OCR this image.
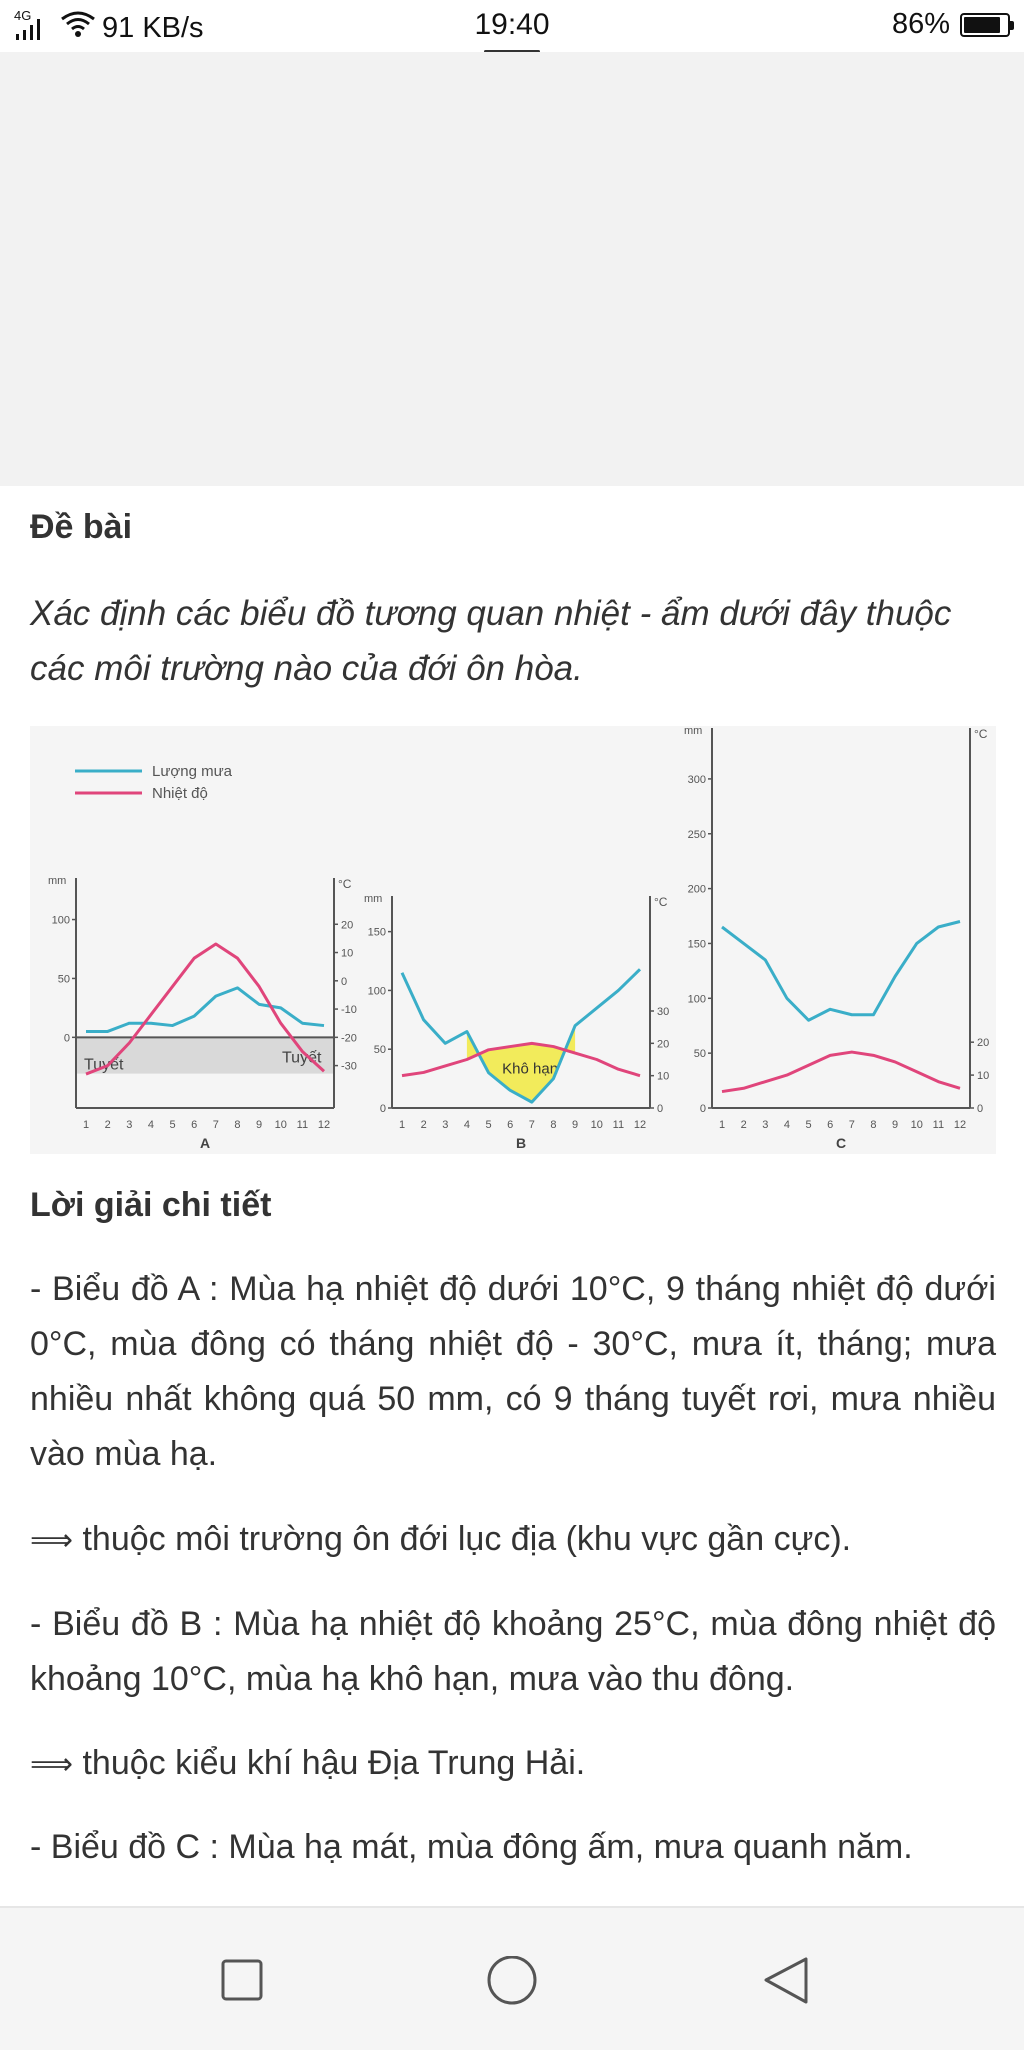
4G 91 KB/s	19:40	86%
Đề bài

Xác định các biểu đồ tương quan nhiệt - ẩm dưới đây thuộc các môi trường nào của đới ôn hòa.

Lượng mưa
Nhiệt độ
Tuyết	Tuyết
mm	°C
0
50
100	20
10
0
-10
-20
-30
1 2 3 4 5 6 7 8 9 10 11 12
A
Khô hạn
mm	°C
0
50
100
150
30
20
10
0
1 2 3 4 5 6 7 8 9 10 11 12
B
mm	°C
0
50
100
150
200
250
300
20
10
0
1 2 3 4 5 6 7 8 9 10 11 12
C
Lời giải chi tiết

- Biểu đồ A : Mùa hạ nhiệt độ dưới 10°C, 9 tháng nhiệt độ dưới 0°C, mùa đông có tháng nhiệt độ - 30°C, mưa ít, tháng; mưa nhiều nhất không quá 50 mm, có 9 tháng tuyết rơi, mưa nhiều vào mùa hạ.

⟹ thuộc môi trường ôn đới lục địa (khu vực gần cực).

- Biểu đồ B : Mùa hạ nhiệt độ khoảng 25°C, mùa đông nhiệt độ khoảng 10°C, mùa hạ khô hạn, mưa vào thu đông.

⟹ thuộc kiểu khí hậu Địa Trung Hải.

- Biểu đồ C : Mùa hạ mát, mùa đông ấm, mưa quanh năm.
